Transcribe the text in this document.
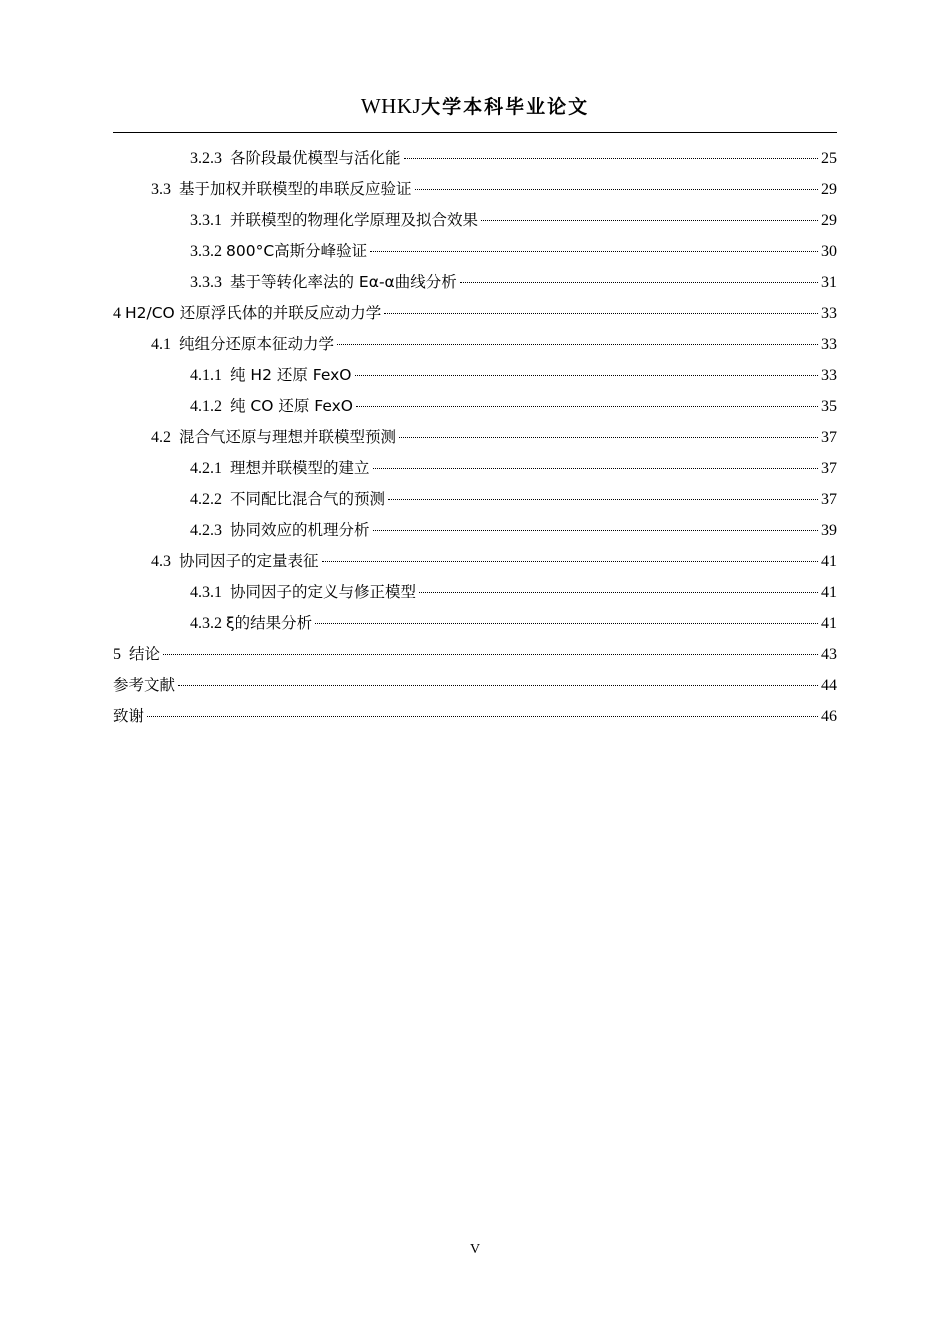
WHKJ大学本科毕业论文
3.2.3 各阶段最优模型与活化能	25
3.3 基于加权并联模型的串联反应验证	29
3.3.1 并联模型的物理化学原理及拟合效果	29
3.3.2 800°C高斯分峰验证	30
3.3.3 基于等转化率法的 Eα-α曲线分析	31
4 H2/CO 还原浮氏体的并联反应动力学	33
4.1 纯组分还原本征动力学	33
4.1.1 纯 H2 还原 FexO	33
4.1.2 纯 CO 还原 FexO	35
4.2 混合气还原与理想并联模型预测	37
4.2.1 理想并联模型的建立	37
4.2.2 不同配比混合气的预测	37
4.2.3 协同效应的机理分析	39
4.3 协同因子的定量表征	41
4.3.1 协同因子的定义与修正模型	41
4.3.2 ξ的结果分析	41
5 结论	43
参考文献	44
致谢	46
V
